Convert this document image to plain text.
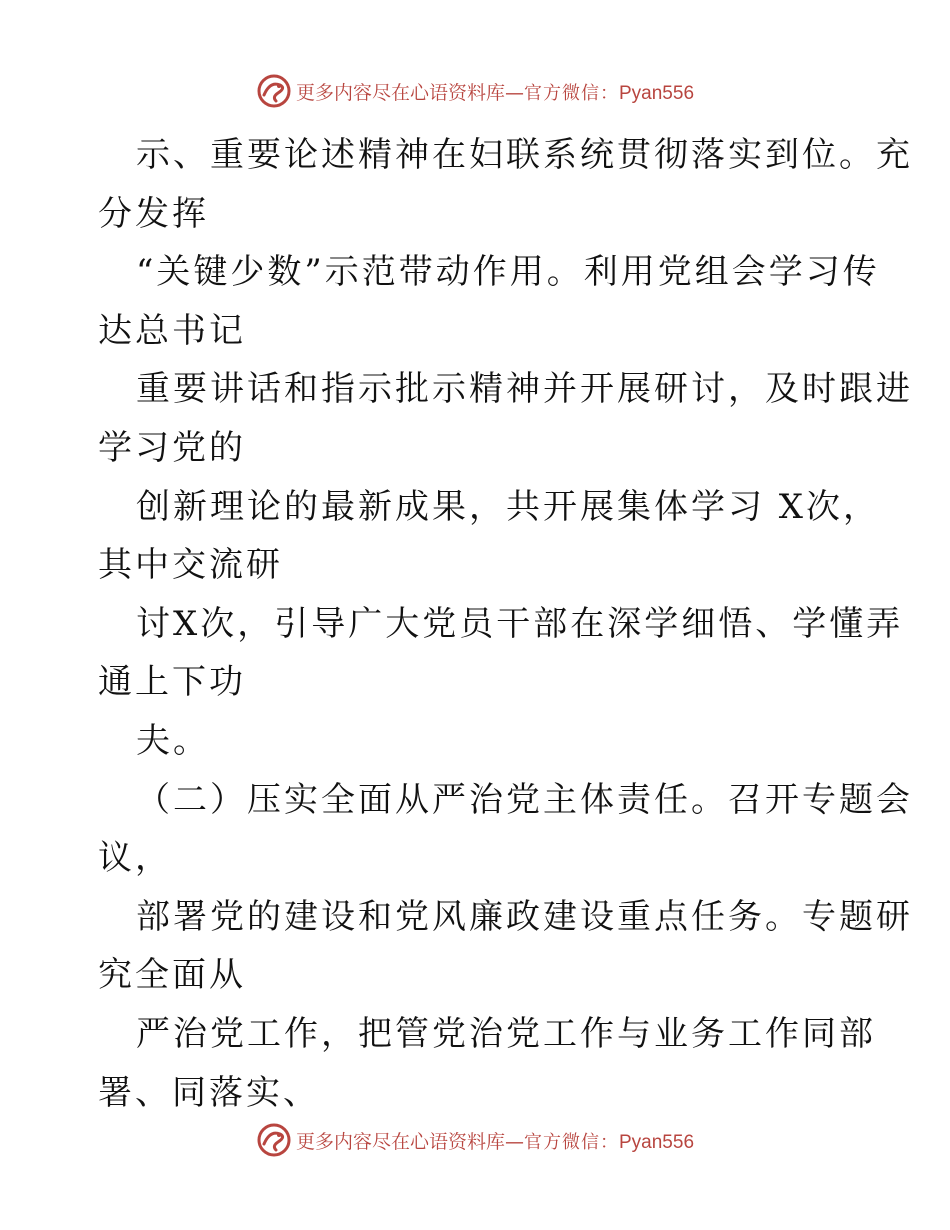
更多内容尽在心语资料库—官方微信：Pyan556
示、重要论述精神在妇联系统贯彻落实到位。充
分发挥
“关键少数”示范带动作用。利用党组会学习传
达总书记
重要讲话和指示批示精神并开展研讨，及时跟进
学习党的
创新理论的最新成果，共开展集体学习 X次，
其中交流研
讨X次，引导广大党员干部在深学细悟、学懂弄
通上下功
夫。
（二）压实全面从严治党主体责任。召开专题会
议，
部署党的建设和党风廉政建设重点任务。专题研
究全面从
严治党工作，把管党治党工作与业务工作同部
署、同落实、
更多内容尽在心语资料库—官方微信：Pyan556
